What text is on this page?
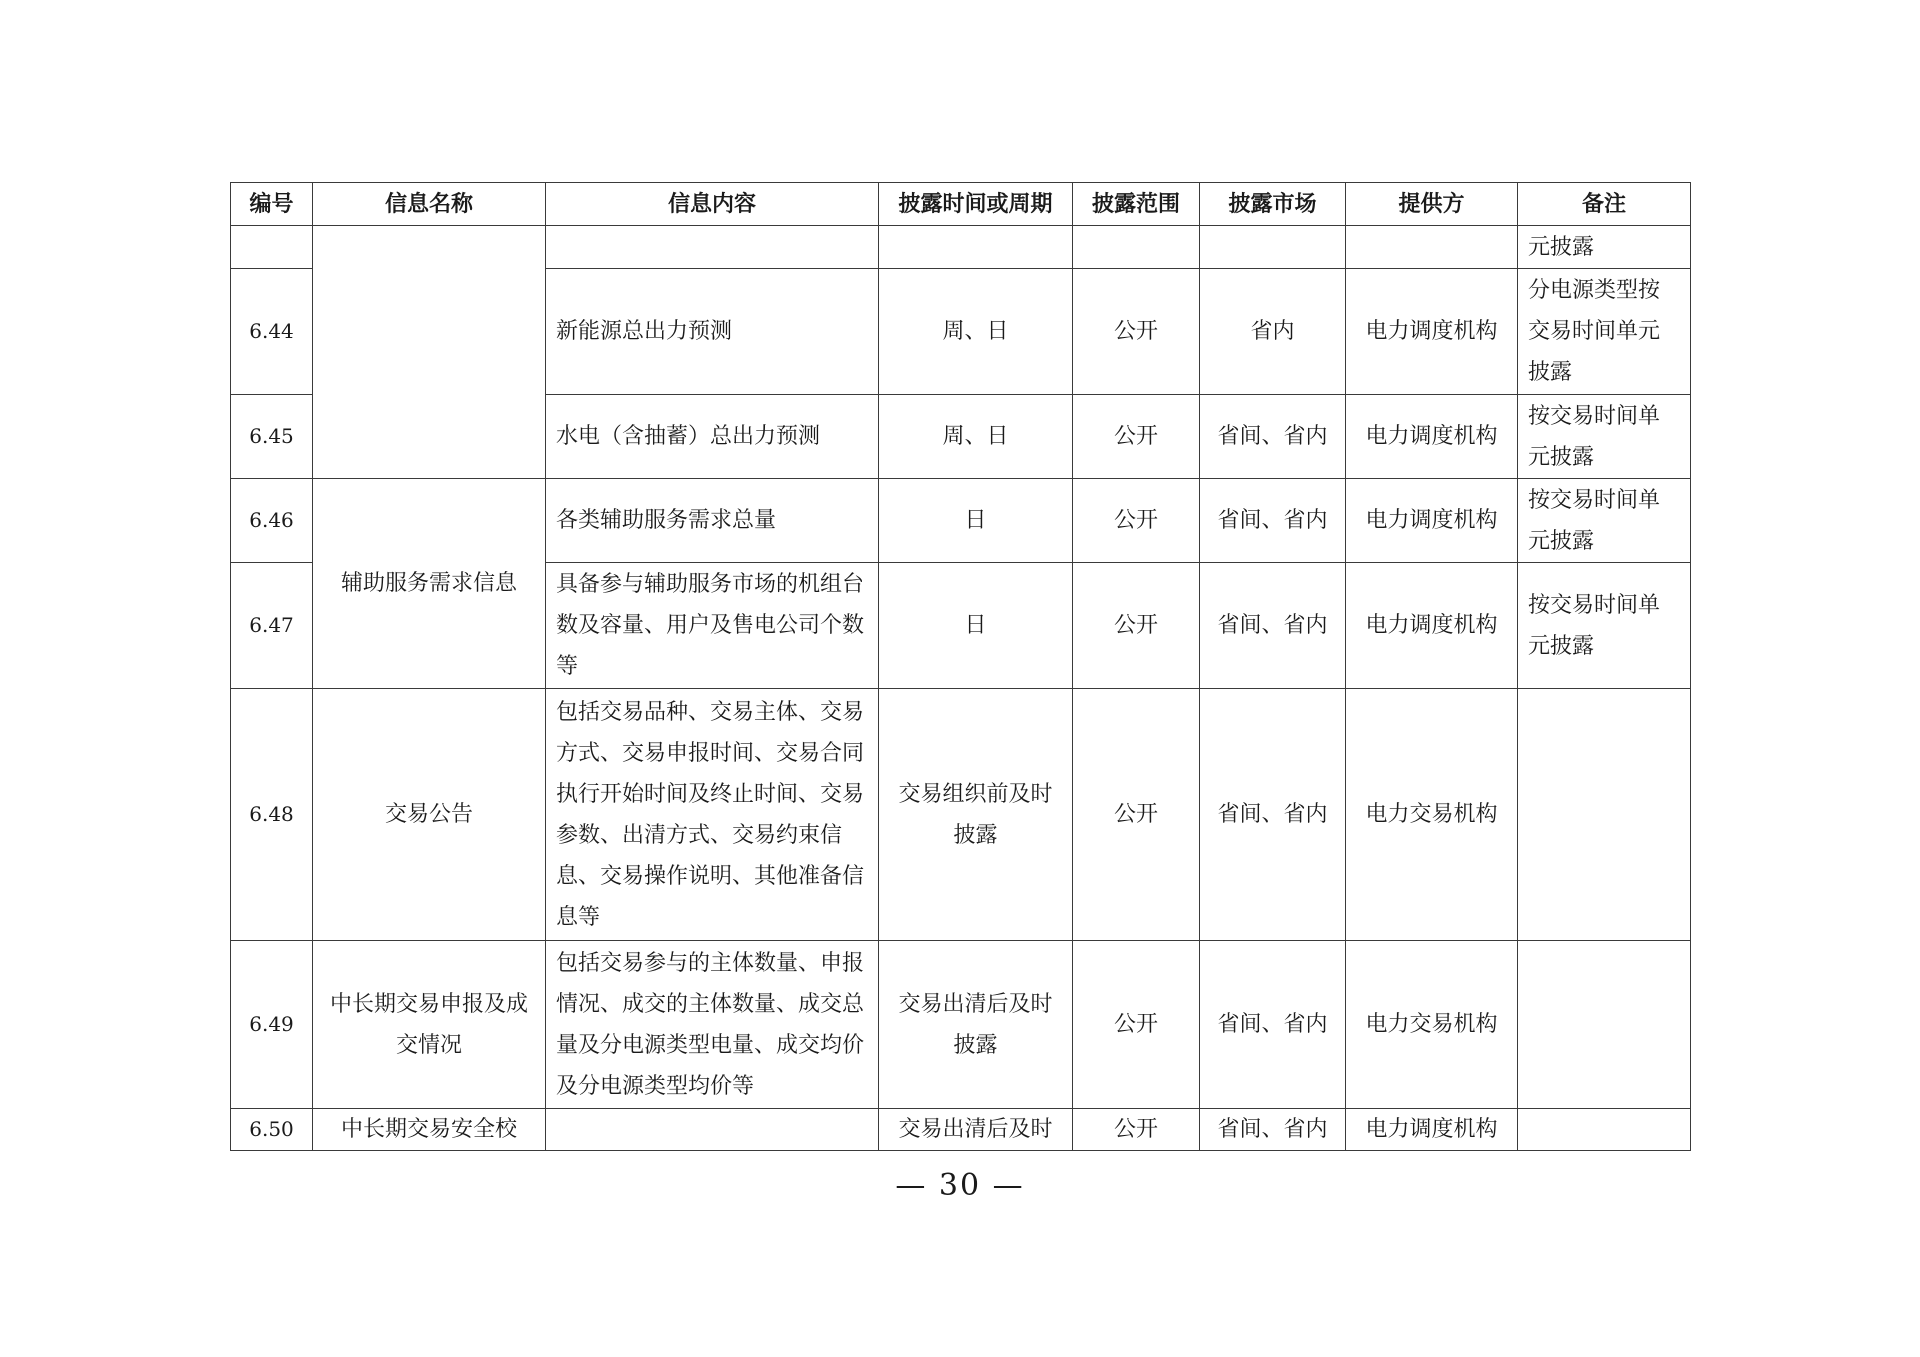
编号	信息名称	信息内容	披露时间或周期	披露范围	披露市场	提供方	备注
							元披露
6.44		新能源总出力预测	周、日	公开	省内	电力调度机构	分电源类型按交易时间单元披露
6.45		水电（含抽蓄）总出力预测	周、日	公开	省间、省内	电力调度机构	按交易时间单元披露
6.46	辅助服务需求信息	各类辅助服务需求总量	日	公开	省间、省内	电力调度机构	按交易时间单元披露
6.47		具备参与辅助服务市场的机组台数及容量、用户及售电公司个数等	日	公开	省间、省内	电力调度机构	按交易时间单元披露
6.48	交易公告	包括交易品种、交易主体、交易方式、交易申报时间、交易合同执行开始时间及终止时间、交易参数、出清方式、交易约束信息、交易操作说明、其他准备信息等	交易组织前及时披露	公开	省间、省内	电力交易机构	
6.49	中长期交易申报及成交情况	包括交易参与的主体数量、申报情况、成交的主体数量、成交总量及分电源类型电量、成交均价及分电源类型均价等	交易出清后及时披露	公开	省间、省内	电力交易机构	
6.50	中长期交易安全校		交易出清后及时	公开	省间、省内	电力调度机构	
— 30 —
